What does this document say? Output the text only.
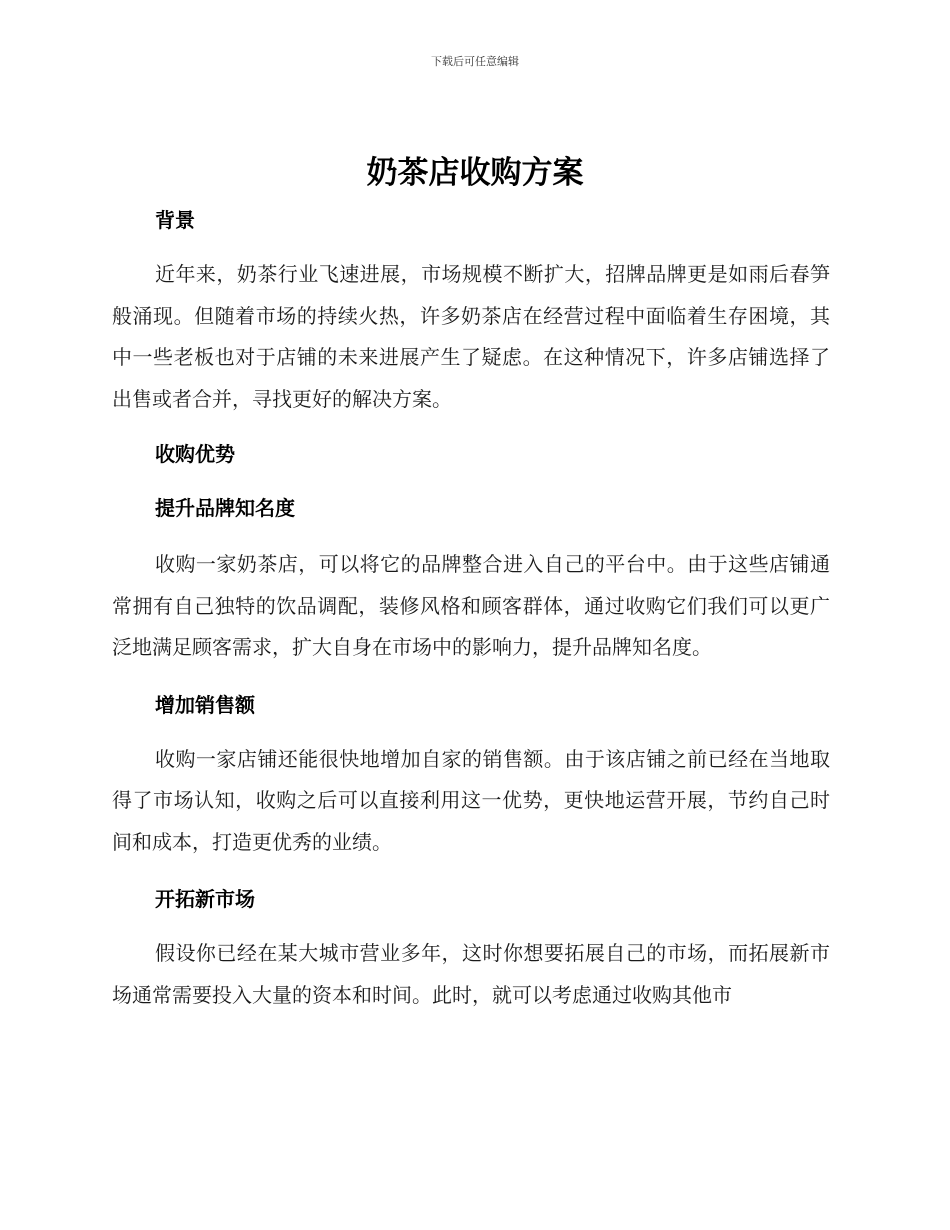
下载后可任意编辑
奶茶店收购方案
背景

近年来，奶茶行业飞速进展，市场规模不断扩大，招牌品牌更是如雨后春笋般涌现。但随着市场的持续火热，许多奶茶店在经营过程中面临着生存困境，其中一些老板也对于店铺的未来进展产生了疑虑。在这种情况下，许多店铺选择了出售或者合并，寻找更好的解决方案。

收购优势
提升品牌知名度

收购一家奶茶店，可以将它的品牌整合进入自己的平台中。由于这些店铺通常拥有自己独特的饮品调配，装修风格和顾客群体，通过收购它们我们可以更广泛地满足顾客需求，扩大自身在市场中的影响力，提升品牌知名度。

增加销售额

收购一家店铺还能很快地增加自家的销售额。由于该店铺之前已经在当地取得了市场认知，收购之后可以直接利用这一优势，更快地运营开展，节约自己时间和成本，打造更优秀的业绩。

开拓新市场

假设你已经在某大城市营业多年，这时你想要拓展自己的市场，而拓展新市场通常需要投入大量的资本和时间。此时，就可以考虑通过收购其他市
